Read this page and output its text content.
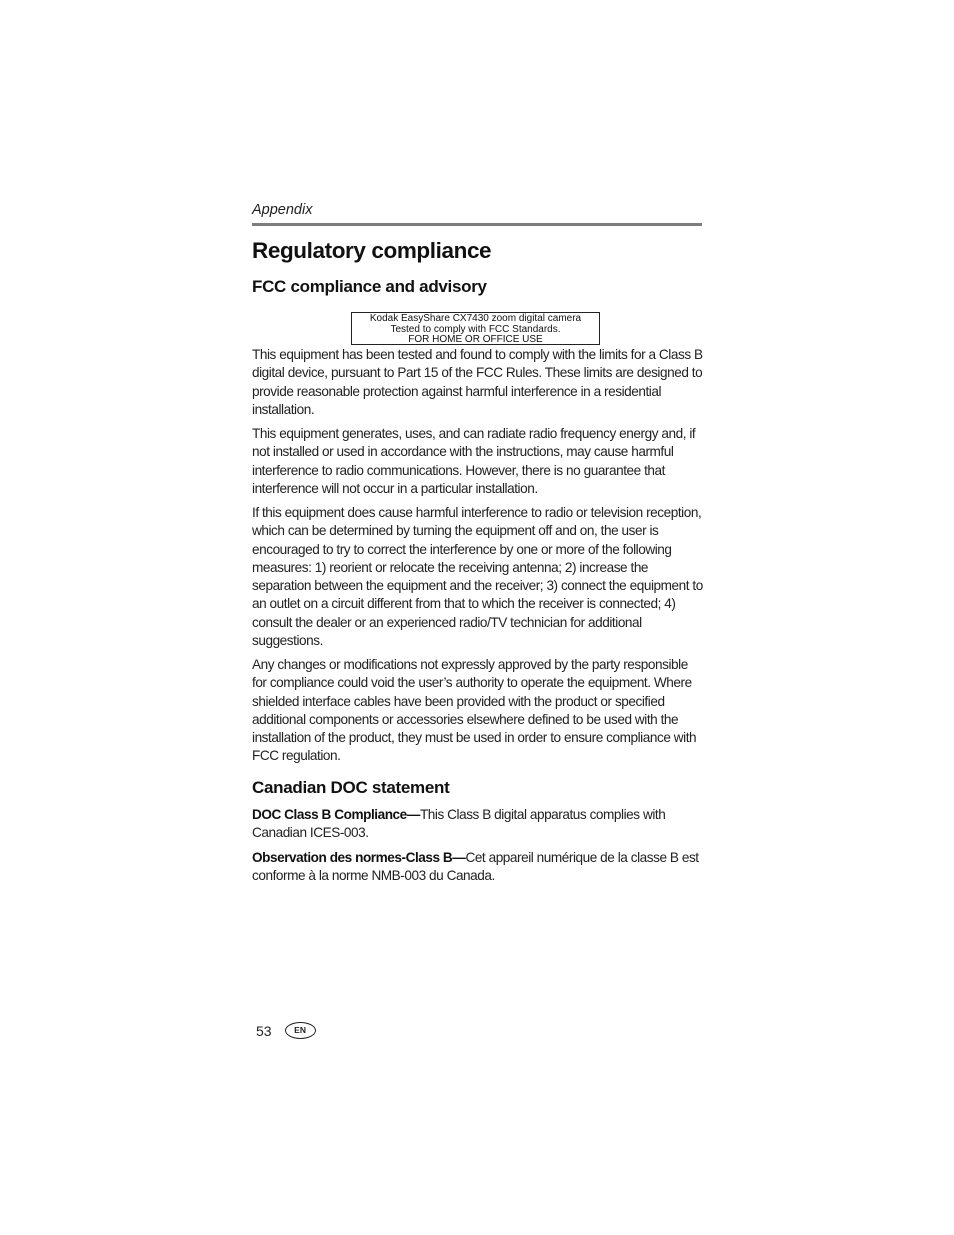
Appendix
Regulatory compliance
FCC compliance and advisory
Kodak EasyShare CX7430 zoom digital camera
Tested to comply with FCC Standards.
FOR HOME OR OFFICE USE

This equipment has been tested and found to comply with the limits for a Class B digital device, pursuant to Part 15 of the FCC Rules. These limits are designed to provide reasonable protection against harmful interference in a residential installation.

This equipment generates, uses, and can radiate radio frequency energy and, if not installed or used in accordance with the instructions, may cause harmful interference to radio communications. However, there is no guarantee that interference will not occur in a particular installation.

If this equipment does cause harmful interference to radio or television reception, which can be determined by turning the equipment off and on, the user is encouraged to try to correct the interference by one or more of the following measures: 1) reorient or relocate the receiving antenna; 2) increase the separation between the equipment and the receiver; 3) connect the equipment to an outlet on a circuit different from that to which the receiver is connected; 4) consult the dealer or an experienced radio/TV technician for additional suggestions.

Any changes or modifications not expressly approved by the party responsible for compliance could void the user’s authority to operate the equipment. Where shielded interface cables have been provided with the product or specified additional components or accessories elsewhere defined to be used with the installation of the product, they must be used in order to ensure compliance with FCC regulation.

Canadian DOC statement

DOC Class B Compliance—This Class B digital apparatus complies with Canadian ICES-003.

Observation des normes-Class B—Cet appareil numérique de la classe B est conforme à la norme NMB-003 du Canada.

53	EN
